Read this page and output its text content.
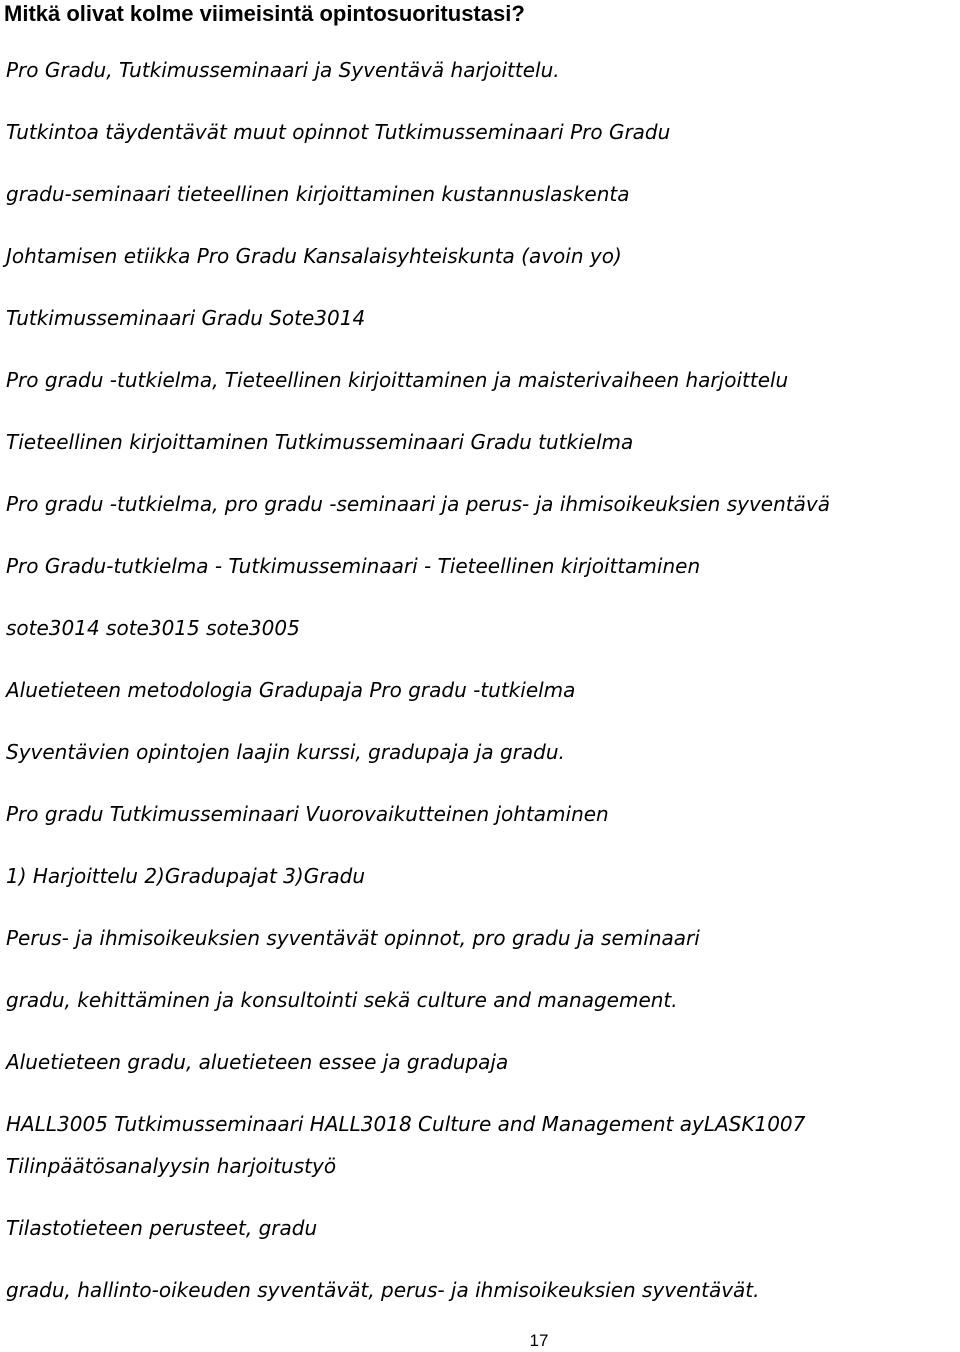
Mitkä olivat kolme viimeisintä opintosuoritustasi?
Pro Gradu, Tutkimusseminaari ja Syventävä harjoittelu.
Tutkintoa täydentävät muut opinnot Tutkimusseminaari Pro Gradu
gradu-seminaari tieteellinen kirjoittaminen kustannuslaskenta
Johtamisen etiikka Pro Gradu Kansalaisyhteiskunta (avoin yo)
Tutkimusseminaari Gradu Sote3014
Pro gradu -tutkielma, Tieteellinen kirjoittaminen ja maisterivaiheen harjoittelu
Tieteellinen kirjoittaminen Tutkimusseminaari Gradu tutkielma
Pro gradu -tutkielma, pro gradu -seminaari ja perus- ja ihmisoikeuksien syventävä
Pro Gradu-tutkielma - Tutkimusseminaari - Tieteellinen kirjoittaminen
sote3014 sote3015 sote3005
Aluetieteen metodologia Gradupaja Pro gradu -tutkielma
Syventävien opintojen laajin kurssi, gradupaja ja gradu.
Pro gradu Tutkimusseminaari Vuorovaikutteinen johtaminen
1) Harjoittelu 2)Gradupajat 3)Gradu
Perus- ja ihmisoikeuksien syventävät opinnot, pro gradu ja seminaari
gradu, kehittäminen ja konsultointi sekä culture and management.
Aluetieteen gradu, aluetieteen essee ja gradupaja
HALL3005 Tutkimusseminaari HALL3018 Culture and Management ayLASK1007
Tilinpäätösanalyysin harjoitustyö
Tilastotieteen perusteet, gradu
gradu, hallinto-oikeuden syventävät, perus- ja ihmisoikeuksien syventävät.
17
